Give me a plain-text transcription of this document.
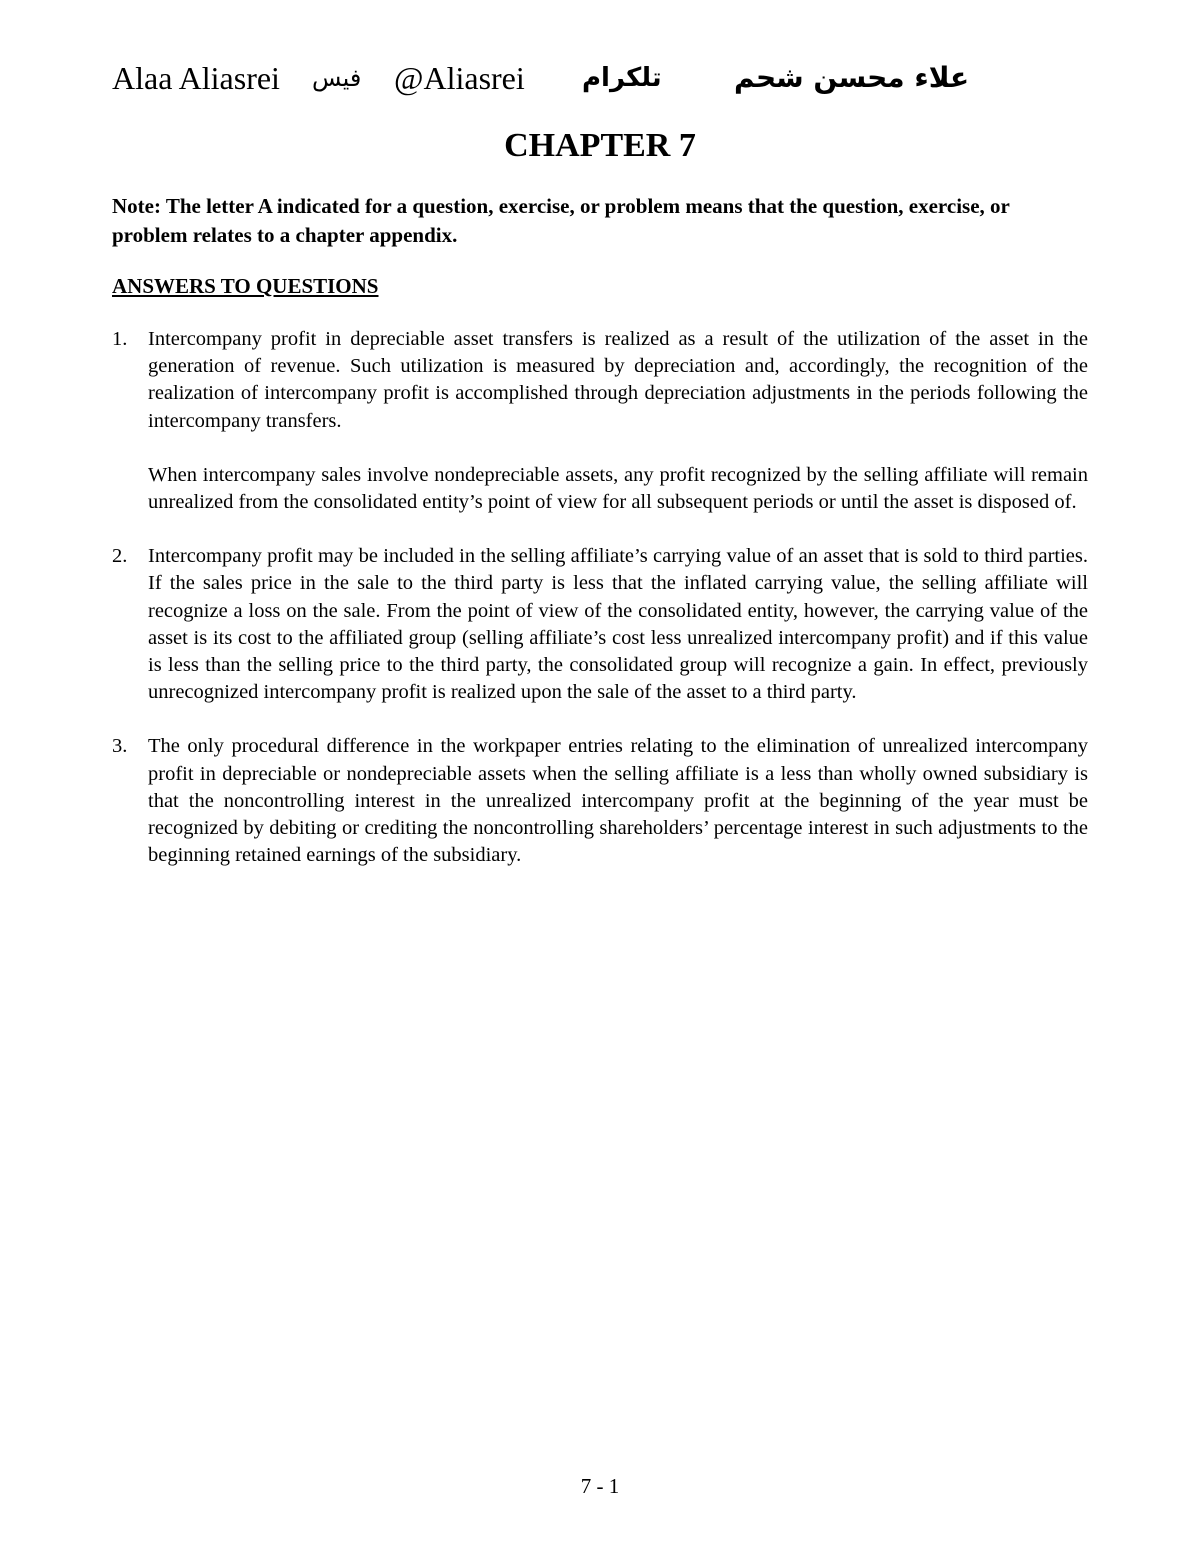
Alaa Aliasrei فيس @Aliasrei تلكرام	علاء محسن شحم
CHAPTER 7
Note: The letter A indicated for a question, exercise, or problem means that the question, exercise, or problem relates to a chapter appendix.
ANSWERS TO QUESTIONS
1. Intercompany profit in depreciable asset transfers is realized as a result of the utilization of the asset in the generation of revenue. Such utilization is measured by depreciation and, accordingly, the recognition of the realization of intercompany profit is accomplished through depreciation adjustments in the periods following the intercompany transfers.

When intercompany sales involve nondepreciable assets, any profit recognized by the selling affiliate will remain unrealized from the consolidated entity’s point of view for all subsequent periods or until the asset is disposed of.

2. Intercompany profit may be included in the selling affiliate’s carrying value of an asset that is sold to third parties. If the sales price in the sale to the third party is less that the inflated carrying value, the selling affiliate will recognize a loss on the sale. From the point of view of the consolidated entity, however, the carrying value of the asset is its cost to the affiliated group (selling affiliate’s cost less unrealized intercompany profit) and if this value is less than the selling price to the third party, the consolidated group will recognize a gain. In effect, previously unrecognized intercompany profit is realized upon the sale of the asset to a third party.

3. The only procedural difference in the workpaper entries relating to the elimination of unrealized intercompany profit in depreciable or nondepreciable assets when the selling affiliate is a less than wholly owned subsidiary is that the noncontrolling interest in the unrealized intercompany profit at the beginning of the year must be recognized by debiting or crediting the noncontrolling shareholders’ percentage interest in such adjustments to the beginning retained earnings of the subsidiary.

7 - 1
